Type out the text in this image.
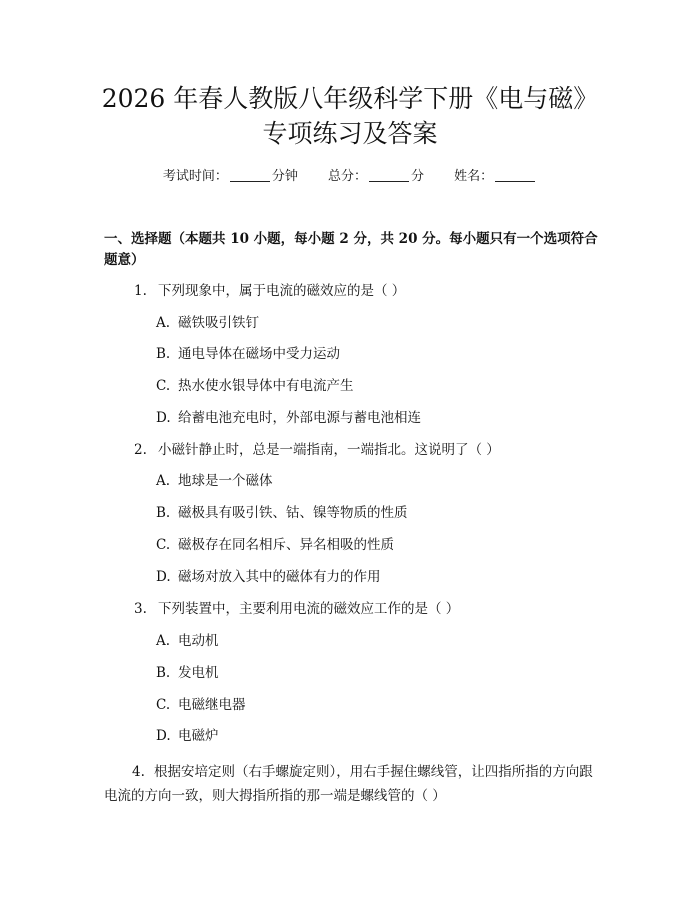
2026 年春人教版八年级科学下册《电与磁》
专项练习及答案
考试时间：	分钟 总分：	分 姓名：
一、选择题（本题共 10 小题，每小题 2 分，共 20 分。每小题只有一个选项符合题意）
1. 下列现象中，属于电流的磁效应的是（ ）
A. 磁铁吸引铁钉
B. 通电导体在磁场中受力运动
C. 热水使水银导体中有电流产生
D. 给蓄电池充电时，外部电源与蓄电池相连
2. 小磁针静止时，总是一端指南，一端指北。这说明了（ ）
A. 地球是一个磁体
B. 磁极具有吸引铁、钴、镍等物质的性质
C. 磁极存在同名相斥、异名相吸的性质
D. 磁场对放入其中的磁体有力的作用
3. 下列装置中，主要利用电流的磁效应工作的是（ ）
A. 电动机
B. 发电机
C. 电磁继电器
D. 电磁炉
4. 根据安培定则（右手螺旋定则），用右手握住螺线管，让四指所指的方向跟电流的方向一致，则大拇指所指的那一端是螺线管的（ ）
